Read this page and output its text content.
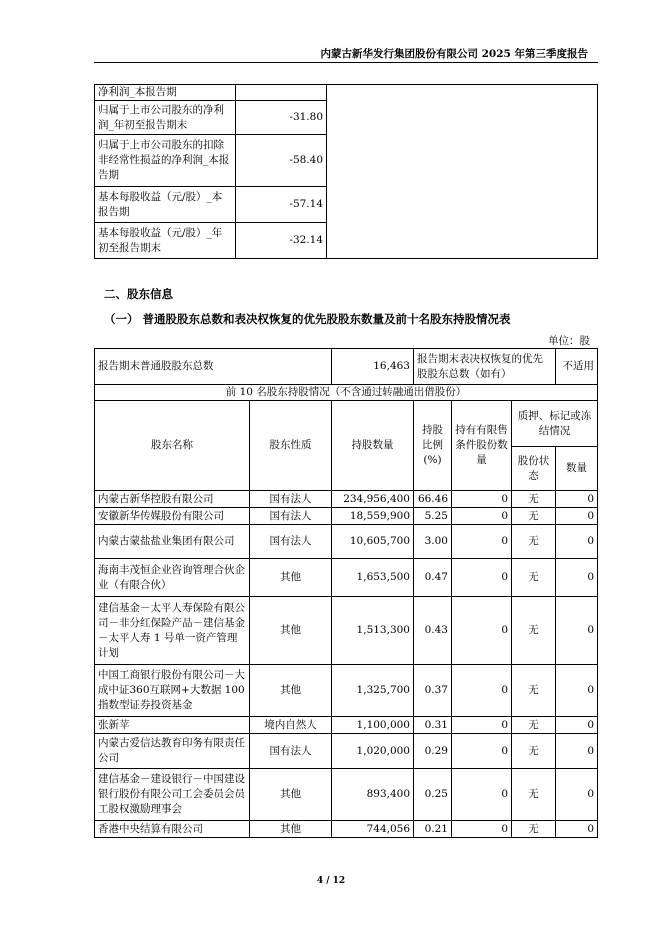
内蒙古新华发行集团股份有限公司 2025 年第三季度报告
净利润_本报告期		
归属于上市公司股东的净利润_年初至报告期末	-31.80	
归属于上市公司股东的扣除非经常性损益的净利润_本报告期	-58.40	
基本每股收益（元/股）_本报告期	-57.14	
基本每股收益（元/股）_年初至报告期末	-32.14	
二、股东信息
（一） 普通股股东总数和表决权恢复的优先股股东数量及前十名股东持股情况表
单位：股
报告期末普通股股东总数		16,463	报告期末表决权恢复的优先股股东总数（如有）			不适用
前 10 名股东持股情况（不含通过转融通出借股份）						
股东名称	股东性质	持股数量	持股比例(%)	持有有限售条件股份数量	质押、标记或冻结情况	
					股份状态	数量
内蒙古新华控股有限公司	国有法人	234,956,400	66.46	0	无	0
安徽新华传媒股份有限公司	国有法人	18,559,900	5.25	0	无	0
内蒙古蒙盐盐业集团有限公司	国有法人	10,605,700	3.00	0	无	0
海南丰茂恒企业咨询管理合伙企业（有限合伙）	其他	1,653,500	0.47	0	无	0
建信基金－太平人寿保险有限公司－非分红保险产品－建信基金－太平人寿 1 号单一资产管理计划	其他	1,513,300	0.43	0	无	0
中国工商银行股份有限公司－大成中证360互联网+大数据 100 指数型证券投资基金	其他	1,325,700	0.37	0	无	0
张新苹	境内自然人	1,100,000	0.31	0	无	0
内蒙古爱信达教育印务有限责任公司	国有法人	1,020,000	0.29	0	无	0
建信基金－建设银行－中国建设银行股份有限公司工会委员会员工股权激励理事会	其他	893,400	0.25	0	无	0
香港中央结算有限公司	其他	744,056	0.21	0	无	0
4 / 12
